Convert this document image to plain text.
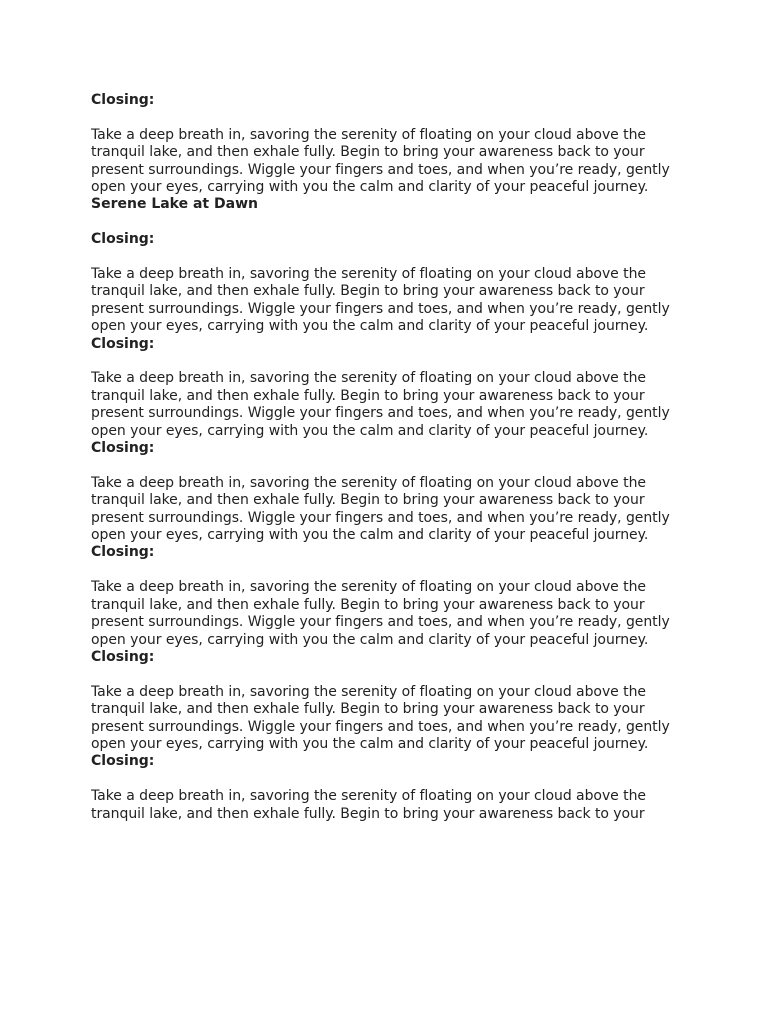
Closing:

Take a deep breath in, savoring the serenity of floating on your cloud above the tranquil lake, and then exhale fully. Begin to bring your awareness back to your present surroundings. Wiggle your fingers and toes, and when you’re ready, gently open your eyes, carrying with you the calm and clarity of your peaceful journey.

Serene Lake at Dawn

Closing:

Take a deep breath in, savoring the serenity of floating on your cloud above the tranquil lake, and then exhale fully. Begin to bring your awareness back to your present surroundings. Wiggle your fingers and toes, and when you’re ready, gently open your eyes, carrying with you the calm and clarity of your peaceful journey.

Closing:

Take a deep breath in, savoring the serenity of floating on your cloud above the tranquil lake, and then exhale fully. Begin to bring your awareness back to your present surroundings. Wiggle your fingers and toes, and when you’re ready, gently open your eyes, carrying with you the calm and clarity of your peaceful journey.

Closing:

Take a deep breath in, savoring the serenity of floating on your cloud above the tranquil lake, and then exhale fully. Begin to bring your awareness back to your present surroundings. Wiggle your fingers and toes, and when you’re ready, gently open your eyes, carrying with you the calm and clarity of your peaceful journey.

Closing:

Take a deep breath in, savoring the serenity of floating on your cloud above the tranquil lake, and then exhale fully. Begin to bring your awareness back to your present surroundings. Wiggle your fingers and toes, and when you’re ready, gently open your eyes, carrying with you the calm and clarity of your peaceful journey.

Closing:

Take a deep breath in, savoring the serenity of floating on your cloud above the tranquil lake, and then exhale fully. Begin to bring your awareness back to your present surroundings. Wiggle your fingers and toes, and when you’re ready, gently open your eyes, carrying with you the calm and clarity of your peaceful journey.

Closing:

Take a deep breath in, savoring the serenity of floating on your cloud above the tranquil lake, and then exhale fully. Begin to bring your awareness back to your
